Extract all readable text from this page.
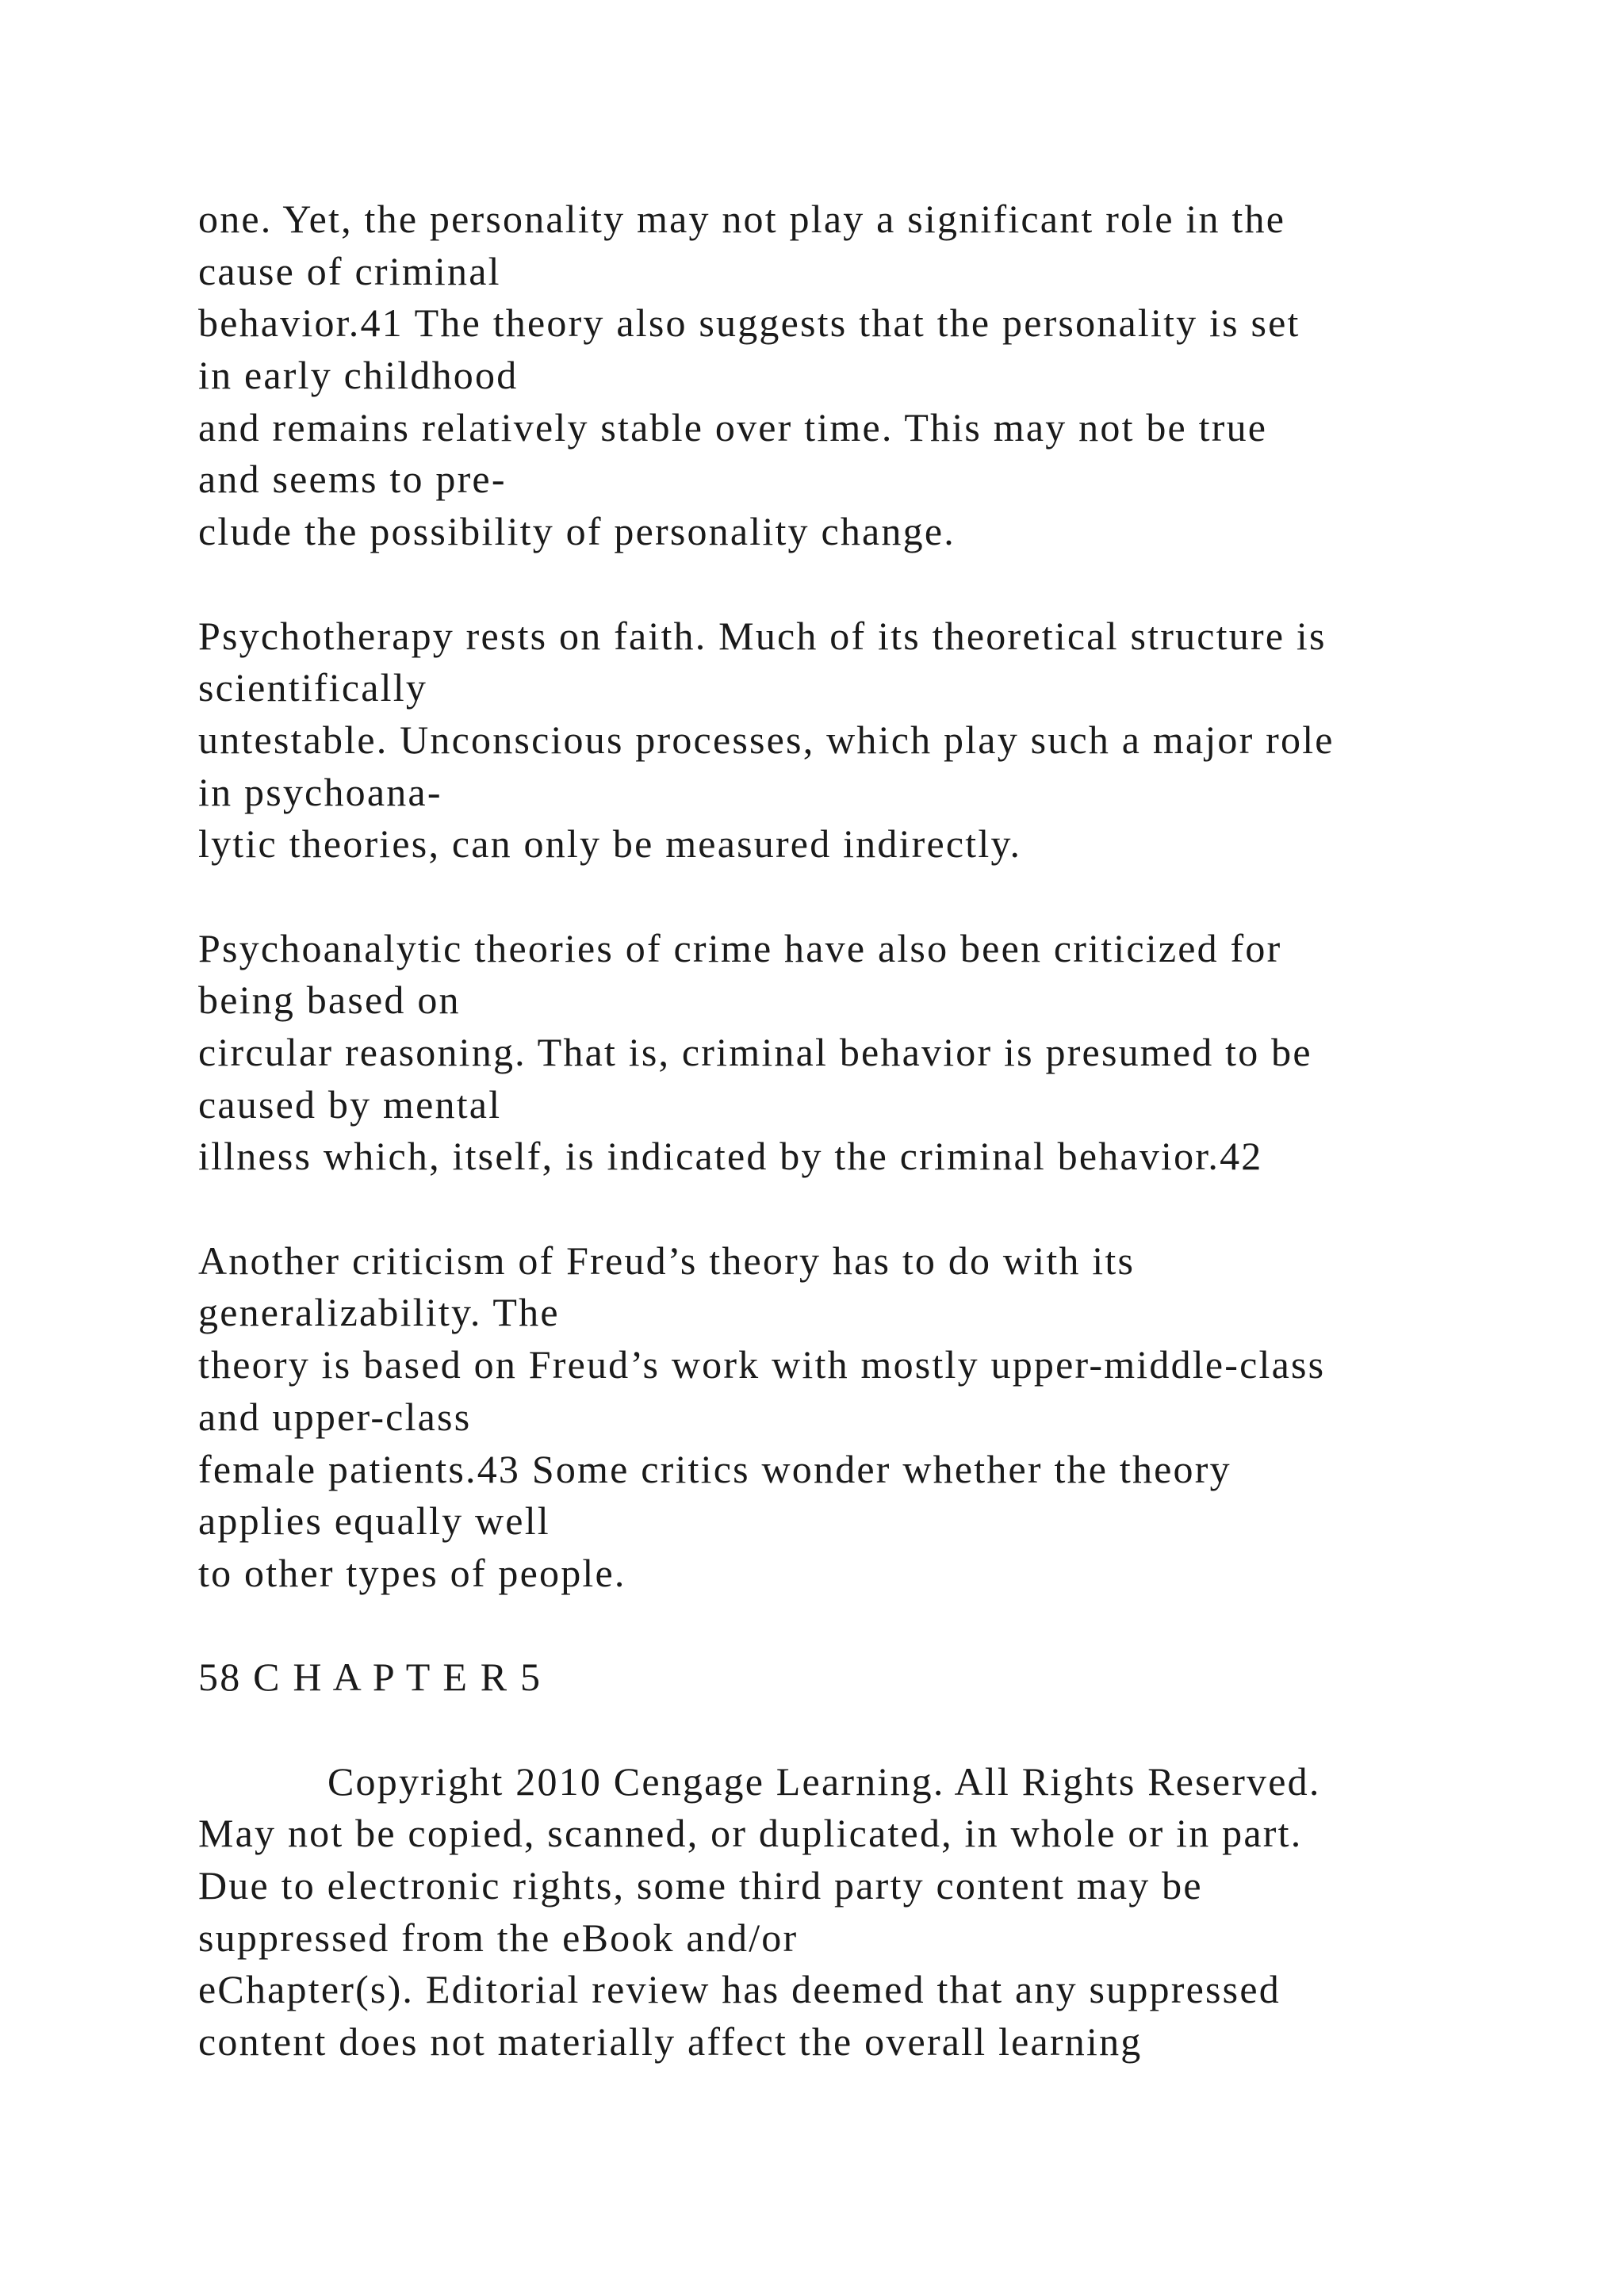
one. Yet, the personality may not play a significant role in the
cause of criminal
behavior.41 The theory also suggests that the personality is set
in early childhood
and remains relatively stable over time. This may not be true
and seems to pre-
clude the possibility of personality change.
Psychotherapy rests on faith. Much of its theoretical structure is
scientifically
untestable. Unconscious processes, which play such a major role
in psychoana-
lytic theories, can only be measured indirectly.
Psychoanalytic theories of crime have also been criticized for
being based on
circular reasoning. That is, criminal behavior is presumed to be
caused by mental
illness which, itself, is indicated by the criminal behavior.42
Another criticism of Freud’s theory has to do with its
generalizability. The
theory is based on Freud’s work with mostly upper-middle-class
and upper-class
female patients.43 Some critics wonder whether the theory
applies equally well
to other types of people.
58 C H A P T E R 5
Copyright 2010 Cengage Learning. All Rights Reserved.
May not be copied, scanned, or duplicated, in whole or in part.
Due to electronic rights, some third party content may be
suppressed from the eBook and/or
eChapter(s). Editorial review has deemed that any suppressed
content does not materially affect the overall learning
